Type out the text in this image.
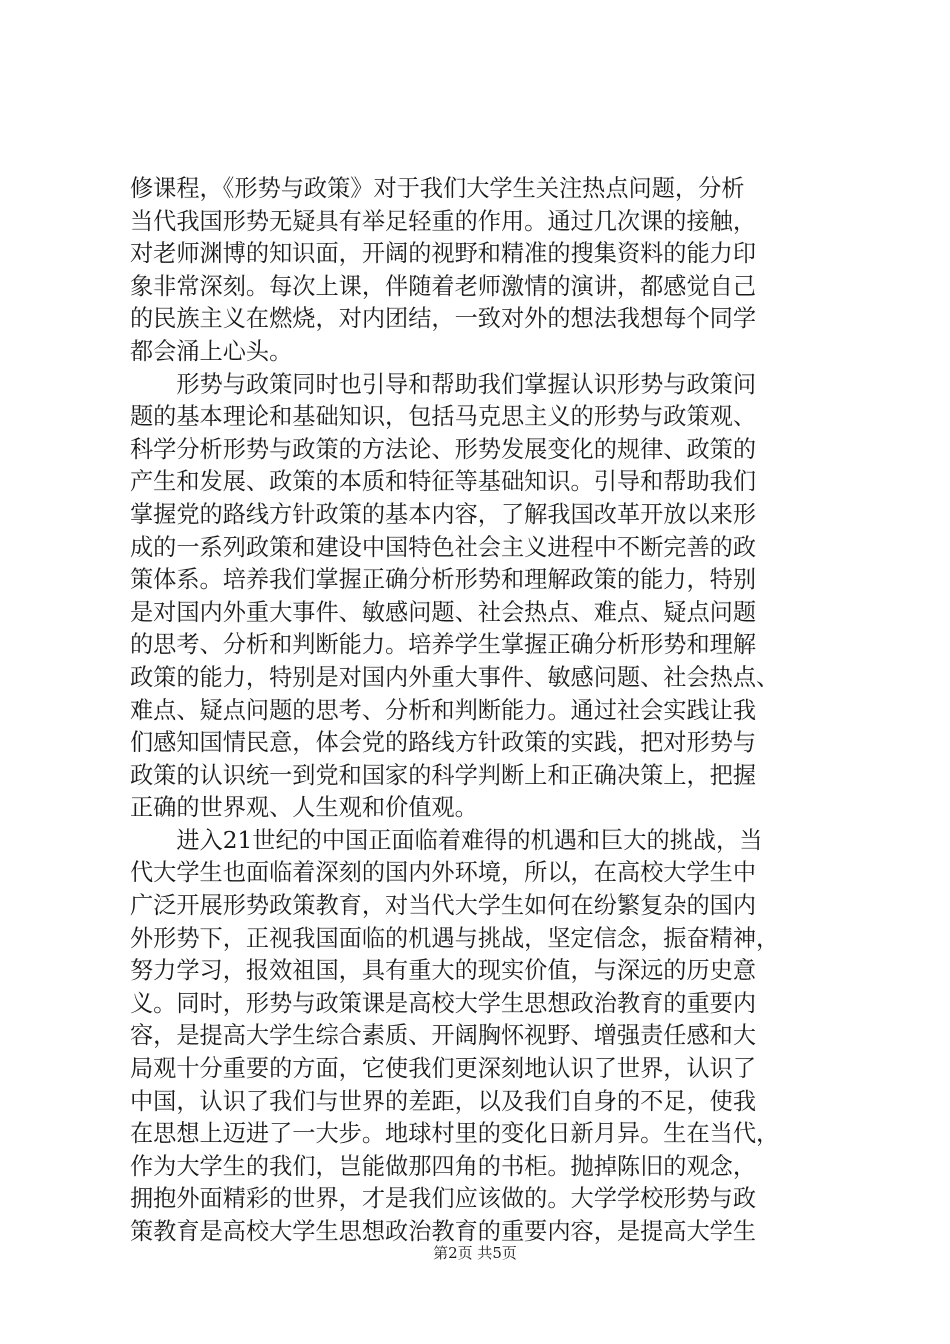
修课程，《形势与政策》对于我们大学生关注热点问题，分析
当代我国形势无疑具有举足轻重的作用。通过几次课的接触，
对老师渊博的知识面，开阔的视野和精准的搜集资料的能力印
象非常深刻。每次上课，伴随着老师激情的演讲，都感觉自己
的民族主义在燃烧，对内团结，一致对外的想法我想每个同学
都会涌上心头。
　　形势与政策同时也引导和帮助我们掌握认识形势与政策问
题的基本理论和基础知识，包括马克思主义的形势与政策观、
科学分析形势与政策的方法论、形势发展变化的规律、政策的
产生和发展、政策的本质和特征等基础知识。引导和帮助我们
掌握党的路线方针政策的基本内容，了解我国改革开放以来形
成的一系列政策和建设中国特色社会主义进程中不断完善的政
策体系。培养我们掌握正确分析形势和理解政策的能力，特别
是对国内外重大事件、敏感问题、社会热点、难点、疑点问题
的思考、分析和判断能力。培养学生掌握正确分析形势和理解
政策的能力，特别是对国内外重大事件、敏感问题、社会热点、
难点、疑点问题的思考、分析和判断能力。通过社会实践让我
们感知国情民意，体会党的路线方针政策的实践，把对形势与
政策的认识统一到党和国家的科学判断上和正确决策上，把握
正确的世界观、人生观和价值观。
　　进入21世纪的中国正面临着难得的机遇和巨大的挑战，当
代大学生也面临着深刻的国内外环境，所以，在高校大学生中
广泛开展形势政策教育，对当代大学生如何在纷繁复杂的国内
外形势下，正视我国面临的机遇与挑战，坚定信念，振奋精神，
努力学习，报效祖国，具有重大的现实价值，与深远的历史意
义。同时，形势与政策课是高校大学生思想政治教育的重要内
容，是提高大学生综合素质、开阔胸怀视野、增强责任感和大
局观十分重要的方面，它使我们更深刻地认识了世界，认识了
中国，认识了我们与世界的差距，以及我们自身的不足，使我
在思想上迈进了一大步。地球村里的变化日新月异。生在当代，
作为大学生的我们，岂能做那四角的书柜。抛掉陈旧的观念，
拥抱外面精彩的世界，才是我们应该做的。大学学校形势与政
策教育是高校大学生思想政治教育的重要内容，是提高大学生
第2页 共5页
